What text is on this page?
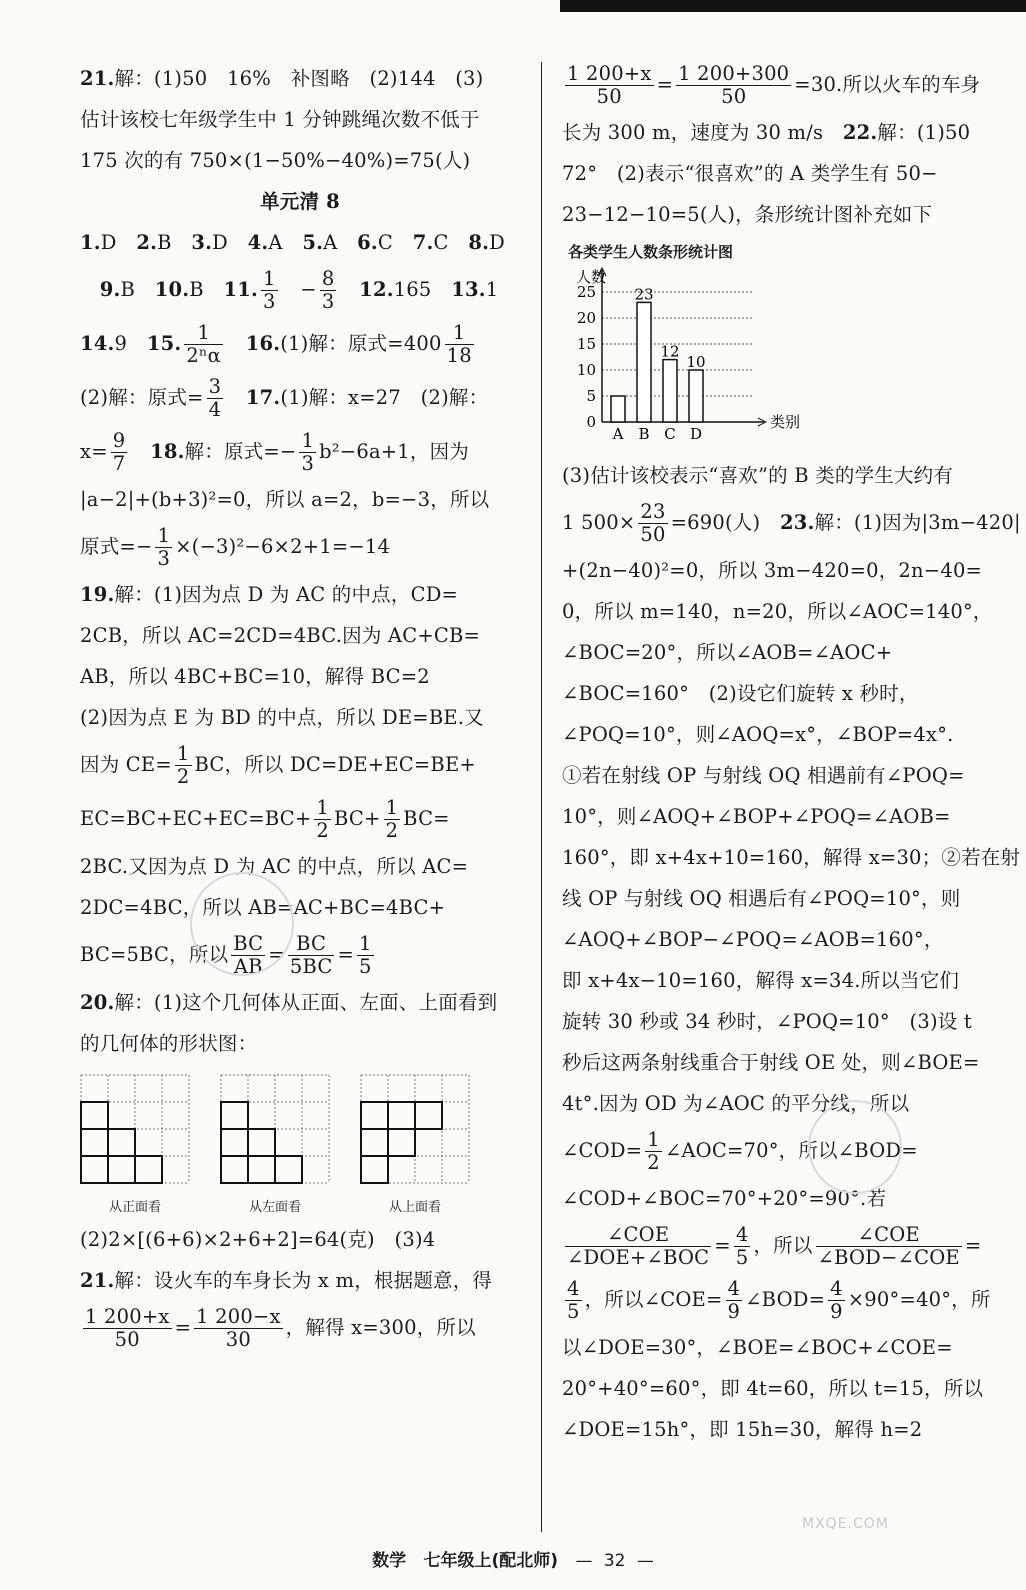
21.解：(1)50　16%　补图略　(2)144　(3)
估计该校七年级学生中 1 分钟跳绳次数不低于
175 次的有 750×(1−50%−40%)=75(人)
单元清 8
1.D　2.B　3.D　4.A　5.A　6.C　7.C　8.D
　9.B　10.B　11. $\frac{1}{3}$ 　− $\frac{8}{3}$
　 12.165　13.1
14.9　15. $\frac{1}{\text{2ⁿα}}$
　 16.(1)解：原式$=400 \frac{1}{18}$
(2)解：原式= $\frac{3}{4}$
　 17.(1)解：x=27　(2)解：
$x= \frac{9}{7}$
　 18.解：原式=− $\frac{1}{3} b^2-6a+1$，因为
|a−2|+(b+3)²=0，所以 a=2，b=−3，所以
原式=− $\frac{1}{3} \times(-3)^2-6\times 2+1=-14$
19.解：(1)因为点 D 为 AC 的中点，CD=
2CB，所以 AC=2CD=4BC.因为 AC+CB=
AB，所以 4BC+BC=10，解得 BC=2
(2)因为点 E 为 BD 的中点，所以 DE=BE.又
因为 $CE= \frac{1}{2}$ BC，所以 DC=DE+EC=BE+
$EC=BC+EC+EC=BC+ \frac{1}{2} BC+ \frac{1}{2} BC=$
2BC.又因为点 D 为 AC 的中点，所以 AC=
2DC=4BC，所以 AB=AC+BC=4BC+
BC=5BC，所以 $\frac{BC}{AB} = \frac{BC}{5BC} = \frac{1}{5}$
20.解：(1)这个几何体从正面、左面、上面看到
的几何体的形状图：
从正面看	从左面看	从上面看
(2)2×[(6+6)×2+6+2]=64(克)　(3)4
21.解：设火车的车身长为 x m，根据题意，得
$\frac{1 200+x}{50} = \frac{1 200-x}{30}$ ，解得 x=300，所以
$\frac{1 200+x}{50} = \frac{1 200+300}{50} =30$.所以火车的车身
长为 300 m，速度为 30 m/s　22.解：(1)50
72°　(2)表示“很喜欢”的 A 类学生有 50−
23−12−10=5(人)，条形统计图补充如下
各类学生人数条形统计图
0
5
10
15
20
25
人数
类别
A B
23
C
12
D
10
(3)估计该校表示“喜欢”的 B 类的学生大约有
1 $500\times \frac{23}{50} =690$(人)　23.解：(1)因为|3m−420|
+(2n−40)²=0，所以 3m−420=0，2n−40=
0，所以 m=140，n=20，所以∠AOC=140°，
∠BOC=20°，所以∠AOB=∠AOC+
∠BOC=160°　(2)设它们旋转 x 秒时，
∠POQ=10°，则∠AOQ=x°，∠BOP=4x°.
①若在射线 OP 与射线 OQ 相遇前有∠POQ=
10°，则∠AOQ+∠BOP+∠POQ=∠AOB=
160°，即 x+4x+10=160，解得 x=30；②若在射
线 OP 与射线 OQ 相遇后有∠POQ=10°，则
∠AOQ+∠BOP−∠POQ=∠AOB=160°，
即 x+4x−10=160，解得 x=34.所以当它们
旋转 30 秒或 34 秒时，∠POQ=10°　(3)设 t
秒后这两条射线重合于射线 OE 处，则∠BOE=
4t°.因为 OD 为∠AOC 的平分线，所以
∠COD= $\frac{1}{2}$ ∠AOC=70°，所以∠BOD=
∠COD+∠BOC=70°+20°=90°.若
$\frac{\text{∠COE}}{\text{∠DOE+∠BOC}} = \frac{4}{5}$ ，所以 $\frac{\text{∠COE}}{\text{∠BOD−∠COE}}$ =
$\frac{4}{5}$ ，所以∠COE= $\frac{4}{9}$ ∠BOD= $\frac{4}{9} \times 90^\circ=40^\circ$，所
以∠DOE=30°，∠BOE=∠BOC+∠COE=
20°+40°=60°，即 4t=60，所以 t=15，所以
∠DOE=15h°，即 15h=30，解得 h=2
MXQE.COM
数学 七年级上(配北师) — 32 —
